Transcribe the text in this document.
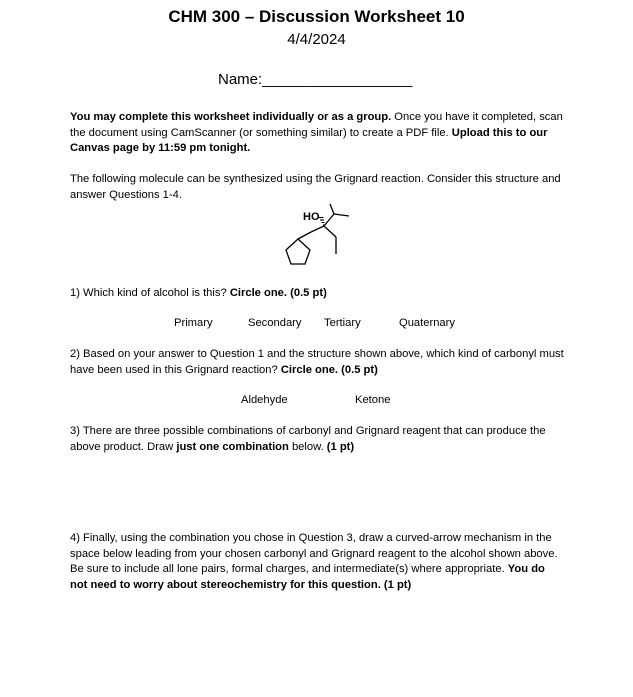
CHM 300 – Discussion Worksheet 10
4/4/2024
Name:__________________
You may complete this worksheet individually or as a group. Once you have it completed, scan the document using CamScanner (or something similar) to create a PDF file. Upload this to our Canvas page by 11:59 pm tonight.
The following molecule can be synthesized using the Grignard reaction. Consider this structure and answer Questions 1-4.
HO
1) Which kind of alcohol is this? Circle one. (0.5 pt)
Primary	Secondary Tertiary	Quaternary
2) Based on your answer to Question 1 and the structure shown above, which kind of carbonyl must have been used in this Grignard reaction? Circle one. (0.5 pt)
Aldehyde	Ketone
3) There are three possible combinations of carbonyl and Grignard reagent that can produce the above product. Draw just one combination below. (1 pt)
4) Finally, using the combination you chose in Question 3, draw a curved-arrow mechanism in the space below leading from your chosen carbonyl and Grignard reagent to the alcohol shown above. Be sure to include all lone pairs, formal charges, and intermediate(s) where appropriate. You do not need to worry about stereochemistry for this question. (1 pt)
